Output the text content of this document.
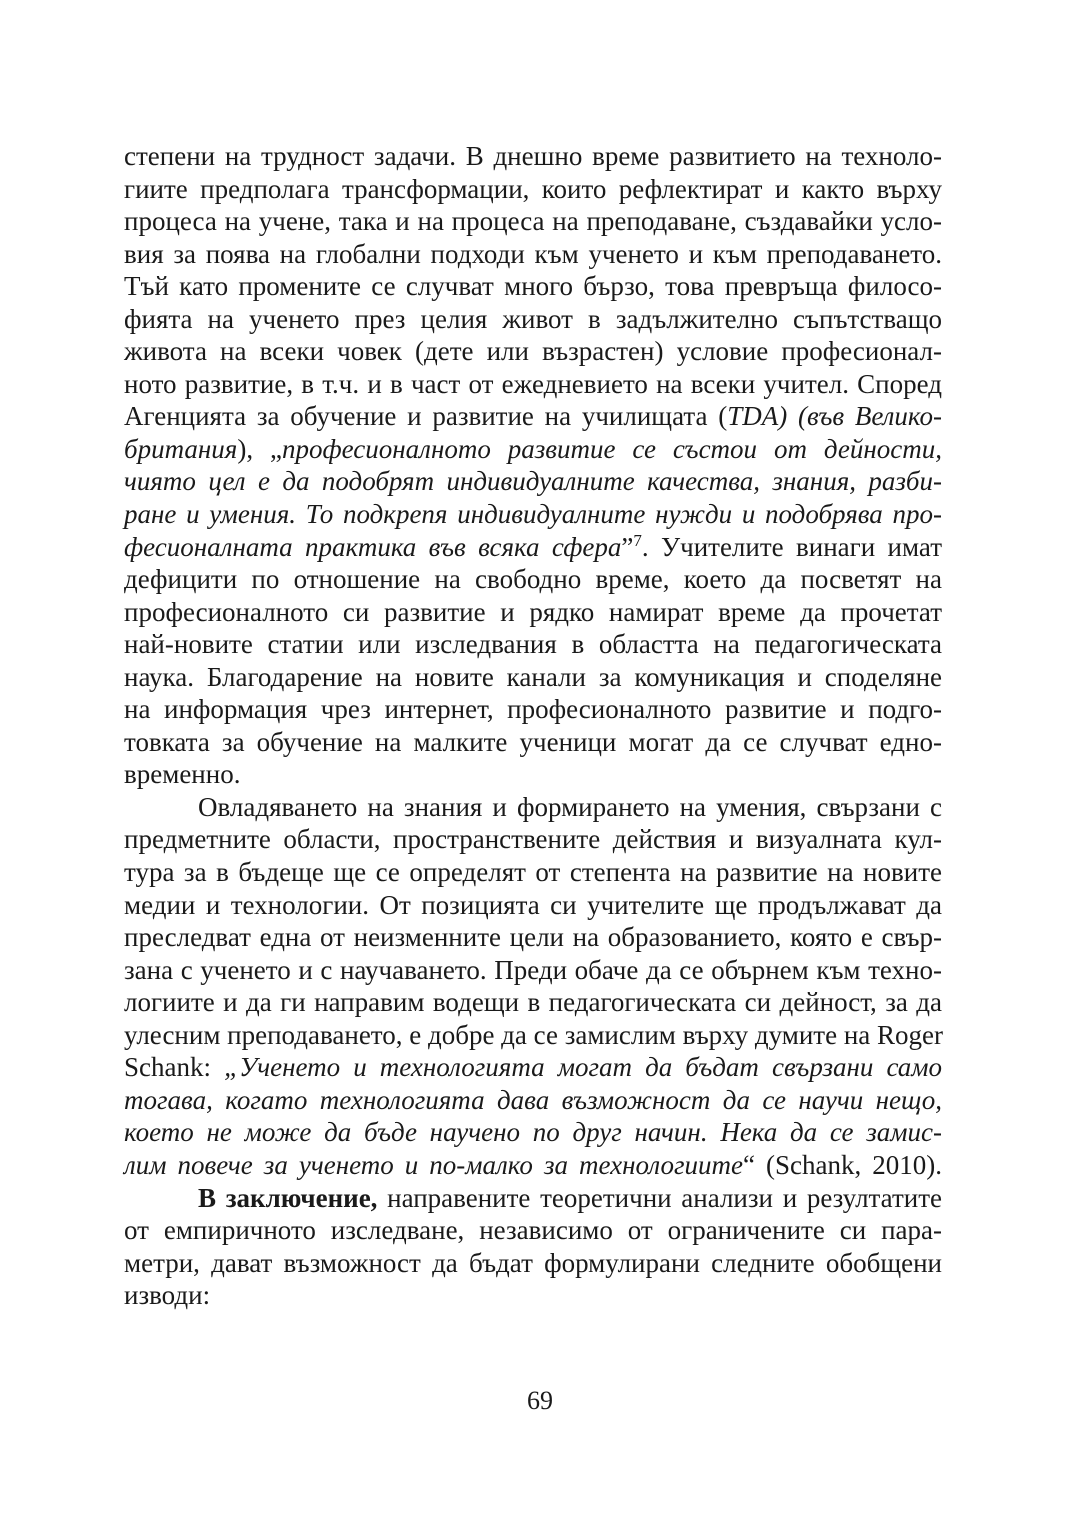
степени на трудност задачи. В днешно време развитието на техноло-
гиите предполага трансформации, които рефлектират и както върху
процеса на учене, така и на процеса на преподаване, създавайки усло-
вия за поява на глобални подходи към ученето и към преподаването.
Тъй като промените се случват много бързо, това превръща филосо-
фията на ученето през целия живот в задължително съпътстващо
живота на всеки човек (дете или възрастен) условие професионал-
ното развитие, в т.ч. и в част от ежедневието на всеки учител. Според
Агенцията за обучение и развитие на училищата (TDA) (във Велико-
британия), „професионалното развитие се състои от дейности,
чиято цел е да подобрят индивидуалните качества, знания, разби-
ране и умения. То подкрепя индивидуалните нужди и подобрява про-
фесионалната практика във всяка сфера”$^7$. Учителите винаги имат
дефицити по отношение на свободно време, което да посветят на
професионалното си развитие и рядко намират време да прочетат
най-новите статии или изследвания в областта на педагогическата
наука. Благодарение на новите канали за комуникация и споделяне
на информация чрез интернет, професионалното развитие и подго-
товката за обучение на малките ученици могат да се случват едно-
временно.
Овладяването на знания и формирането на умения, свързани с
предметните области, пространствените действия и визуалната кул-
тура за в бъдеще ще се определят от степента на развитие на новите
медии и технологии. От позицията си учителите ще продължават да
преследват една от неизменните цели на образованието, която е свър-
зана с ученето и с научаването. Преди обаче да се обърнем към техно-
логиите и да ги направим водещи в педагогическата си дейност, за да
улесним преподаването, е добре да се замислим върху думите на Roger
Schank: „Ученето и технологията могат да бъдат свързани само
тогава, когато технологията дава възможност да се научи нещо,
което не може да бъде научено по друг начин. Нека да се замис-
лим повече за ученето и по-малко за технологиите“ (Schank, 2010).
В заключение, направените теоретични анализи и резултатите
от емпиричното изследване, независимо от ограничените си пара-
метри, дават възможност да бъдат формулирани следните обобщени
изводи:
69
